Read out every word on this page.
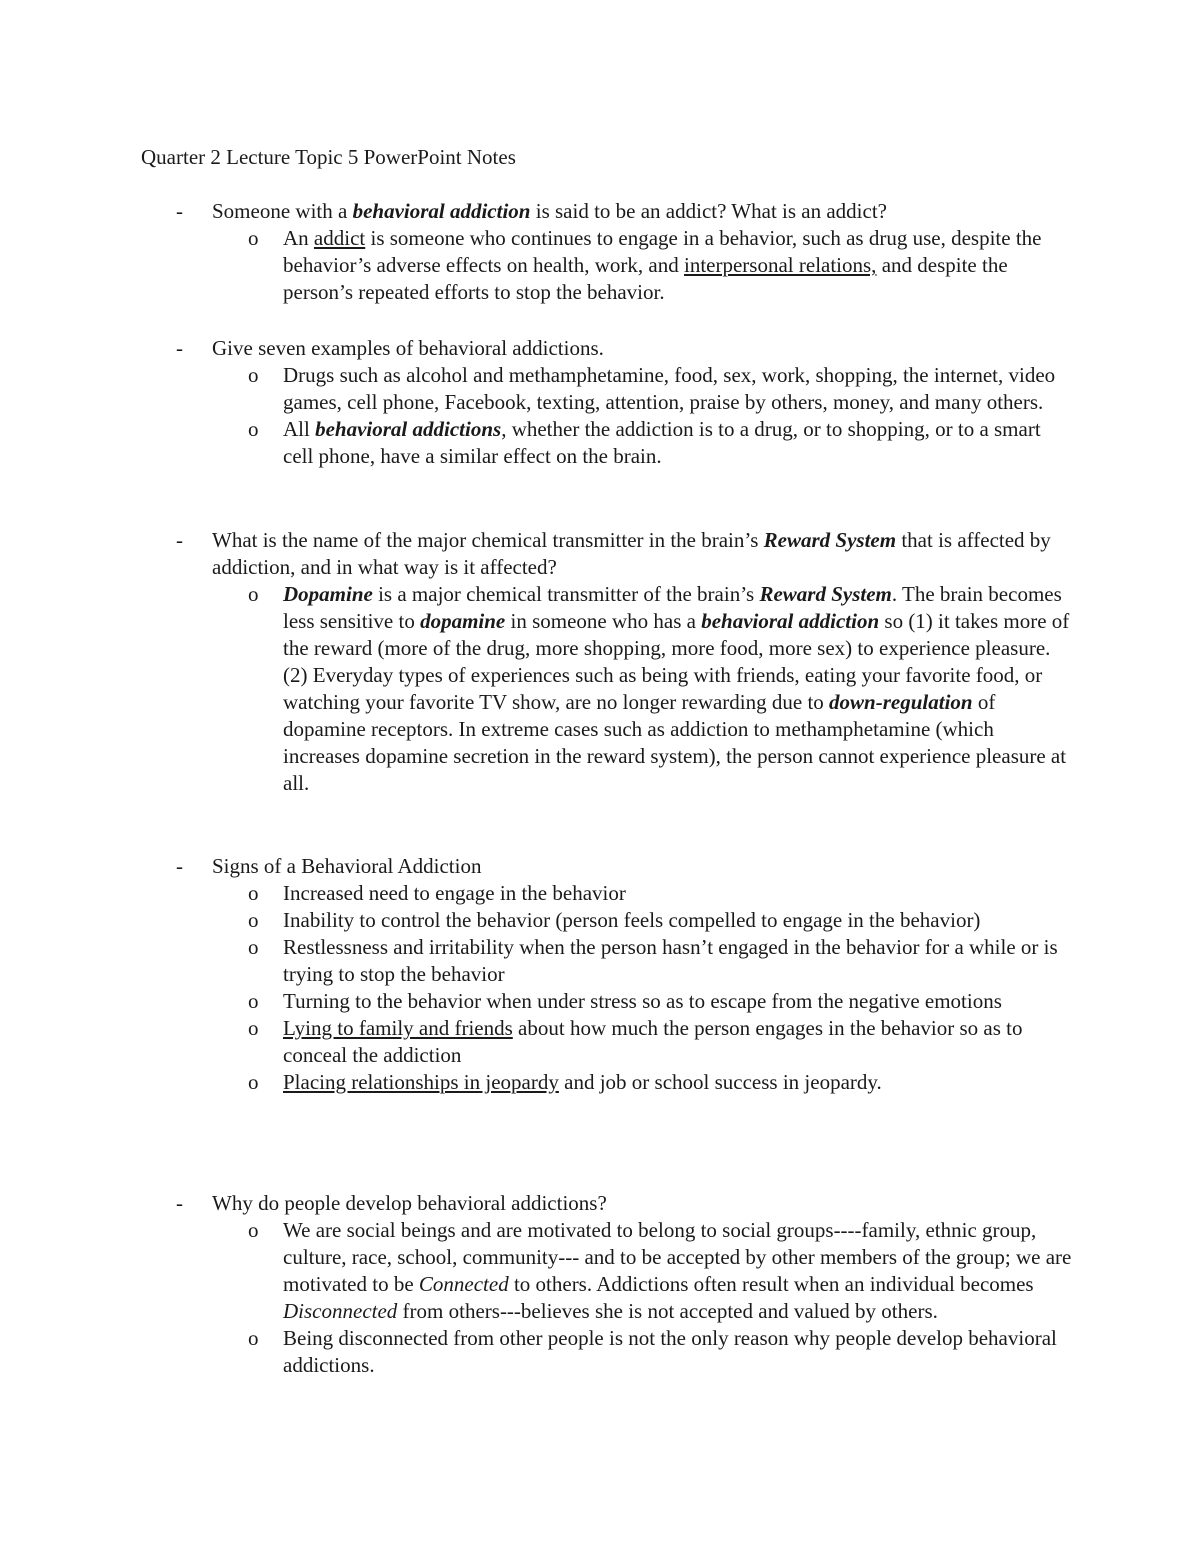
Quarter 2 Lecture Topic 5 PowerPoint Notes

- Someone with a behavioral addiction is said to be an addict? What is an addict?

o An addict is someone who continues to engage in a behavior, such as drug use, despite the behavior’s adverse effects on health, work, and interpersonal relations, and despite the person’s repeated efforts to stop the behavior.

- Give seven examples of behavioral addictions.

o Drugs such as alcohol and methamphetamine, food, sex, work, shopping, the internet, video games, cell phone, Facebook, texting, attention, praise by others, money, and many others.

o All behavioral addictions, whether the addiction is to a drug, or to shopping, or to a smart cell phone, have a similar effect on the brain.

- What is the name of the major chemical transmitter in the brain’s Reward System that is affected by addiction, and in what way is it affected?

o Dopamine is a major chemical transmitter of the brain’s Reward System. The brain becomes less sensitive to dopamine in someone who has a behavioral addiction so (1) it takes more of the reward (more of the drug, more shopping, more food, more sex) to experience pleasure. (2) Everyday types of experiences such as being with friends, eating your favorite food, or watching your favorite TV show, are no longer rewarding due to down-regulation of dopamine receptors. In extreme cases such as addiction to methamphetamine (which increases dopamine secretion in the reward system), the person cannot experience pleasure at all.

- Signs of a Behavioral Addiction

o Increased need to engage in the behavior

o Inability to control the behavior (person feels compelled to engage in the behavior)

o Restlessness and irritability when the person hasn’t engaged in the behavior for a while or is trying to stop the behavior

o Turning to the behavior when under stress so as to escape from the negative emotions

o Lying to family and friends about how much the person engages in the behavior so as to conceal the addiction

o Placing relationships in jeopardy and job or school success in jeopardy.

- Why do people develop behavioral addictions?

o We are social beings and are motivated to belong to social groups----family, ethnic group, culture, race, school, community--- and to be accepted by other members of the group; we are motivated to be Connected to others. Addictions often result when an individual becomes Disconnected from others---believes she is not accepted and valued by others.

o Being disconnected from other people is not the only reason why people develop behavioral addictions.
